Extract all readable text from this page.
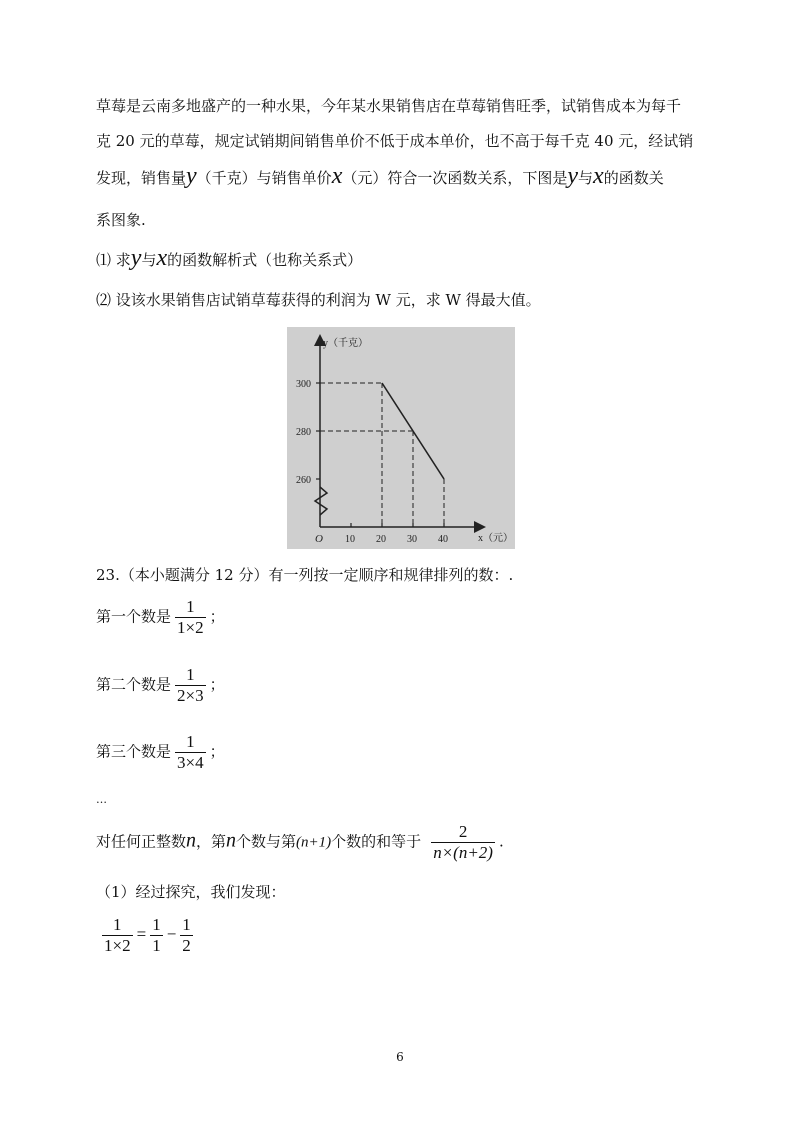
草莓是云南多地盛产的一种水果，今年某水果销售店在草莓销售旺季，试销售成本为每千
克 20 元的草莓，规定试销期间销售单价不低于成本单价，也不高于每千克 40 元，经试销
发现，销售量y（千克）与销售单价x（元）符合一次函数关系，下图是y与x的函数关
系图象.
⑴ 求y与x的函数解析式（也称关系式）
⑵ 设该水果销售店试销草莓获得的利润为 W 元，求 W 得最大值。
y（千克）
x（元）
O
300
280
260
10 20 30 40
23.（本小题满分 12 分）有一列按一定顺序和规律排列的数：.
第一个数是 $\frac{1}{1\times 2}$ ；
第二个数是 $\frac{1}{2\times 3}$ ；
第三个数是 $\frac{1}{3\times 4}$ ；
…
对任何正整数n，第n个数与第(n+1)个数的和等于 $\frac{2}{n\times(n+2)}$ .
（1）经过探究，我们发现：
$\frac{1}{1\times 2} = \frac{1}{1} - \frac{1}{2}$
6
